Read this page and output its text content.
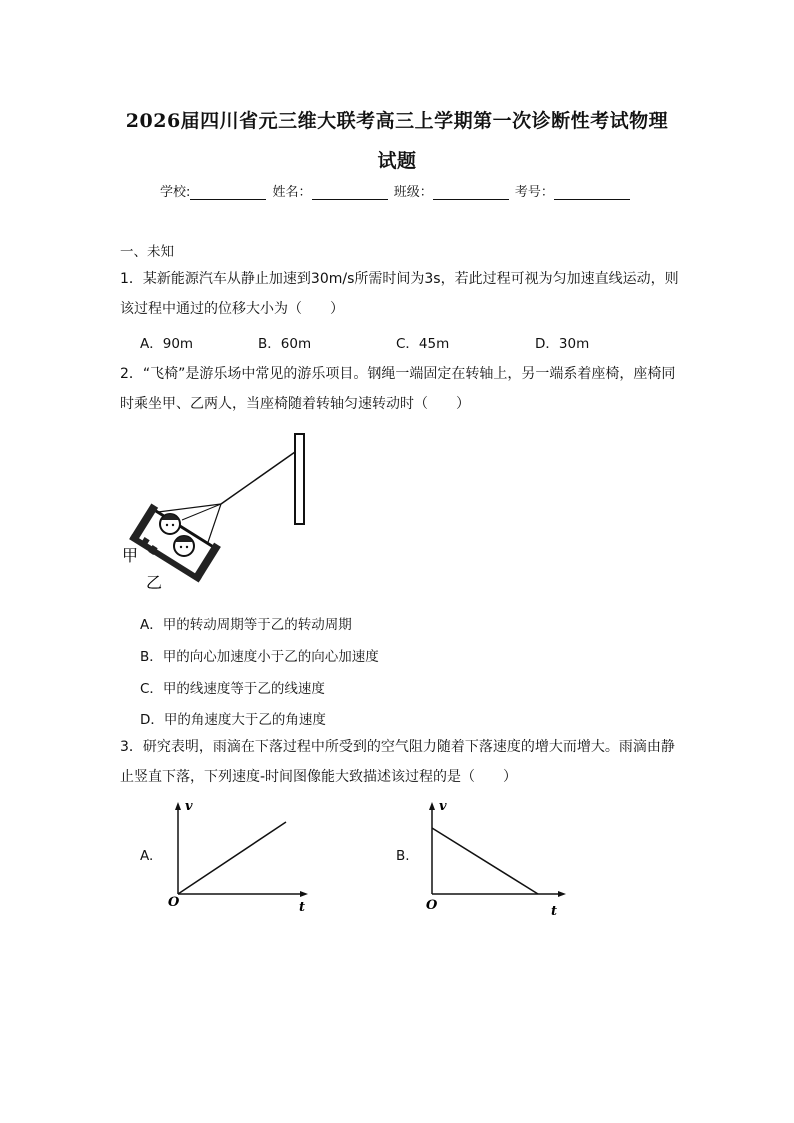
2026届四川省元三维大联考高三上学期第一次诊断性考试物理
试题
学校:	姓名：	班级：	考号：
一、未知
1．某新能源汽车从静止加速到30m/s所需时间为3s，若此过程可视为匀加速直线运动，则
该过程中通过的位移大小为（　　）
A．90m	B．60m	C．45m	D．30m
2．“飞椅”是游乐场中常见的游乐项目。钢绳一端固定在转轴上，另一端系着座椅，座椅同
时乘坐甲、乙两人，当座椅随着转轴匀速转动时（　　）
甲
乙
A．甲的转动周期等于乙的转动周期
B．甲的向心加速度小于乙的向心加速度
C．甲的线速度等于乙的线速度
D．甲的角速度大于乙的角速度
3．研究表明，雨滴在下落过程中所受到的空气阻力随着下落速度的增大而增大。雨滴由静
止竖直下落，下列速度-时间图像能大致描述该过程的是（　　）
A.
v
t
O
B.
v
t
O
